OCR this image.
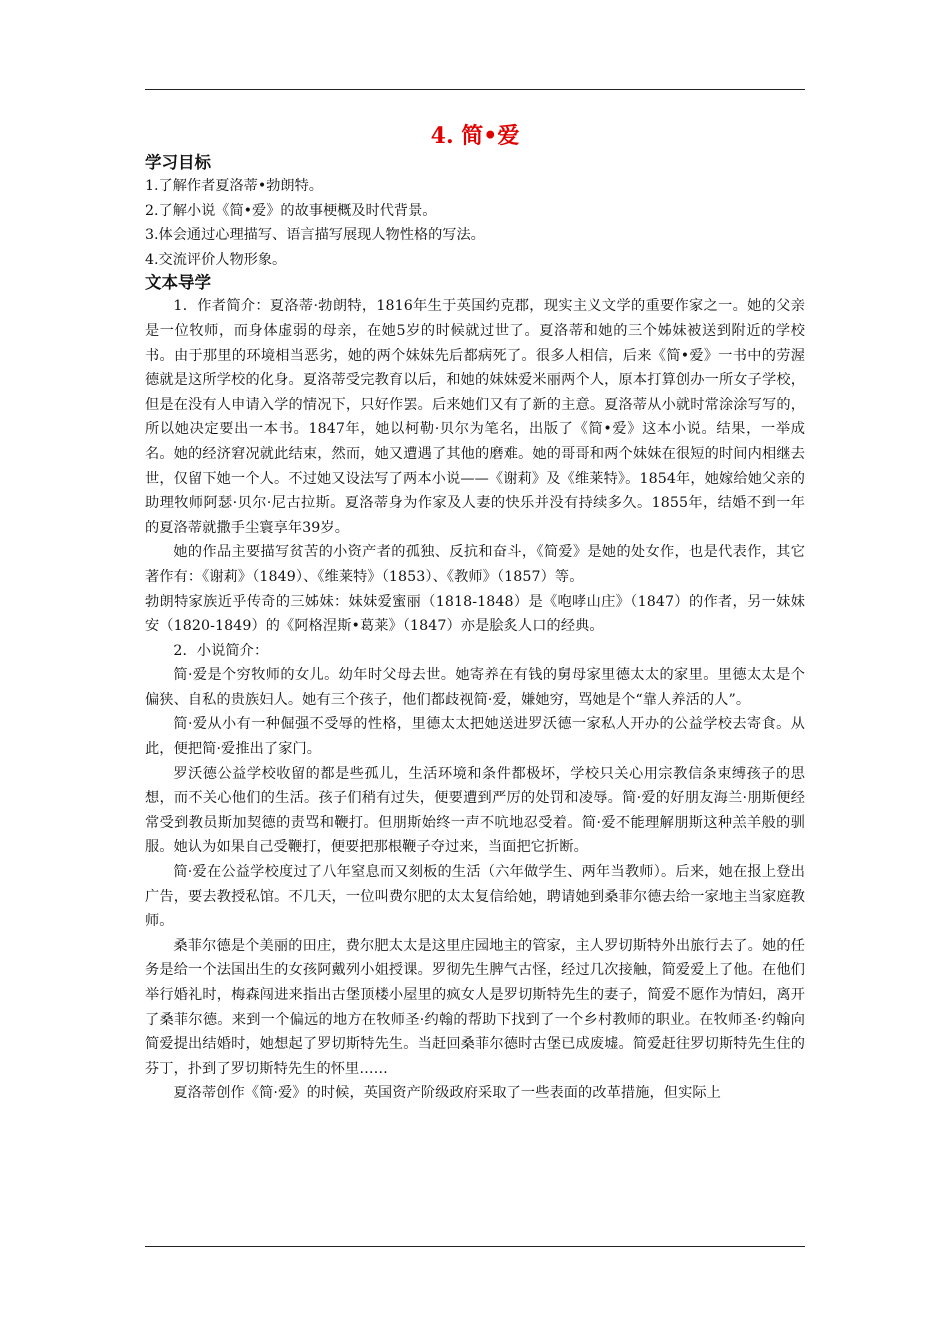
4. 简•爱
学习目标
1.了解作者夏洛蒂•勃朗特。
2.了解小说《简•爱》的故事梗概及时代背景。
3.体会通过心理描写、语言描写展现人物性格的写法。
4.交流评价人物形象。
文本导学

1．作者简介：夏洛蒂·勃朗特，1816年生于英国约克郡，现实主义文学的重要作家之一。她的父亲是一位牧师，而身体虚弱的母亲，在她5岁的时候就过世了。夏洛蒂和她的三个姊妹被送到附近的学校书。由于那里的环境相当恶劣，她的两个妹妹先后都病死了。很多人相信，后来《简•爱》一书中的劳渥德就是这所学校的化身。夏洛蒂受完教育以后，和她的妹妹爱米丽两个人，原本打算创办一所女子学校，但是在没有人申请入学的情况下，只好作罢。后来她们又有了新的主意。夏洛蒂从小就时常涂涂写写的，所以她决定要出一本书。1847年，她以柯勒·贝尔为笔名，出版了《简•爱》这本小说。结果，一举成名。她的经济窘况就此结束，然而，她又遭遇了其他的磨难。她的哥哥和两个妹妹在很短的时间内相继去世，仅留下她一个人。不过她又设法写了两本小说——《谢莉》及《维莱特》。1854年，她嫁给她父亲的助理牧师阿瑟·贝尔·尼古拉斯。夏洛蒂身为作家及人妻的快乐并没有持续多久。1855年，结婚不到一年的夏洛蒂就撒手尘寰享年39岁。

她的作品主要描写贫苦的小资产者的孤独、反抗和奋斗，《简爱》是她的处女作，也是代表作，其它著作有：《谢莉》（1849）、《维莱特》（1853）、《教师》（1857）等。

勃朗特家族近乎传奇的三姊妹：妹妹爱蜜丽（1818-1848）是《咆哮山庄》（1847）的作者，另一妹妹安（1820-1849）的《阿格涅斯•葛莱》（1847）亦是脍炙人口的经典。

2．小说简介：

简·爱是个穷牧师的女儿。幼年时父母去世。她寄养在有钱的舅母家里德太太的家里。里德太太是个偏狭、自私的贵族妇人。她有三个孩子，他们都歧视简·爱，嫌她穷，骂她是个“靠人养活的人”。

简·爱从小有一种倔强不受辱的性格，里德太太把她送进罗沃德一家私人开办的公益学校去寄食。从此，便把简·爱推出了家门。

罗沃德公益学校收留的都是些孤儿，生活环境和条件都极坏，学校只关心用宗教信条束缚孩子的思想，而不关心他们的生活。孩子们稍有过失，便要遭到严厉的处罚和凌辱。简·爱的好朋友海兰·朋斯便经常受到教员斯加契德的责骂和鞭打。但朋斯始终一声不吭地忍受着。简·爱不能理解朋斯这种羔羊般的驯服。她认为如果自己受鞭打，便要把那根鞭子夺过来，当面把它折断。

简·爱在公益学校度过了八年窒息而又刻板的生活（六年做学生、两年当教师）。后来，她在报上登出广告，要去教授私馆。不几天，一位叫费尔肥的太太复信给她，聘请她到桑菲尔德去给一家地主当家庭教师。

桑菲尔德是个美丽的田庄，费尔肥太太是这里庄园地主的管家，主人罗切斯特外出旅行去了。她的任务是给一个法国出生的女孩阿戴列小姐授课。罗彻先生脾气古怪，经过几次接触，简爱爱上了他。在他们举行婚礼时，梅森闯进来指出古堡顶楼小屋里的疯女人是罗切斯特先生的妻子，简爱不愿作为情妇，离开了桑菲尔德。来到一个偏远的地方在牧师圣·约翰的帮助下找到了一个乡村教师的职业。在牧师圣·约翰向简爱提出结婚时，她想起了罗切斯特先生。当赶回桑菲尔德时古堡已成废墟。简爱赶往罗切斯特先生住的芬丁，扑到了罗切斯特先生的怀里……

夏洛蒂创作《简·爱》的时候，英国资产阶级政府采取了一些表面的改革措施，但实际上
